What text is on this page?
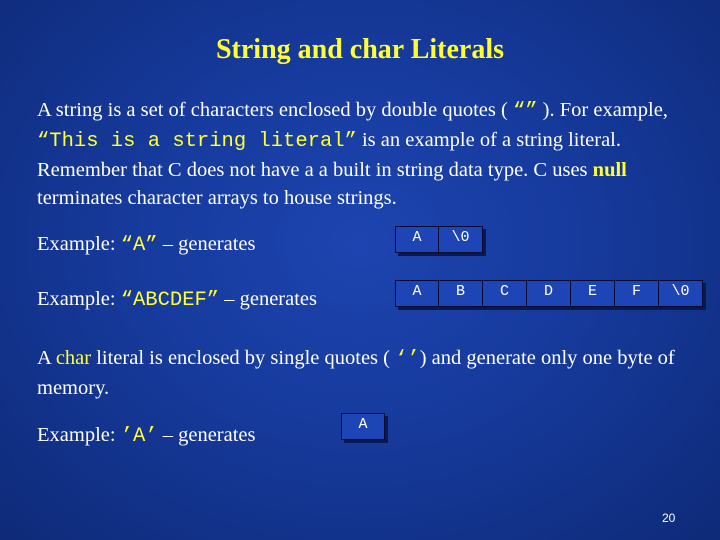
String and char Literals
A string is a set of characters enclosed by double quotes ( “” ). For example, “This is a string literal” is an example of a string literal. Remember that C does not have a a built in string data type. C uses null terminates character arrays to house strings.
Example: “A” – generates	A	\0
Example: “ABCDEF” – generates	A	B	C	D	E	F	\0
A char literal is enclosed by single quotes ( ‘’) and generate only one byte of memory.
Example: ’A’ – generates	A
20
